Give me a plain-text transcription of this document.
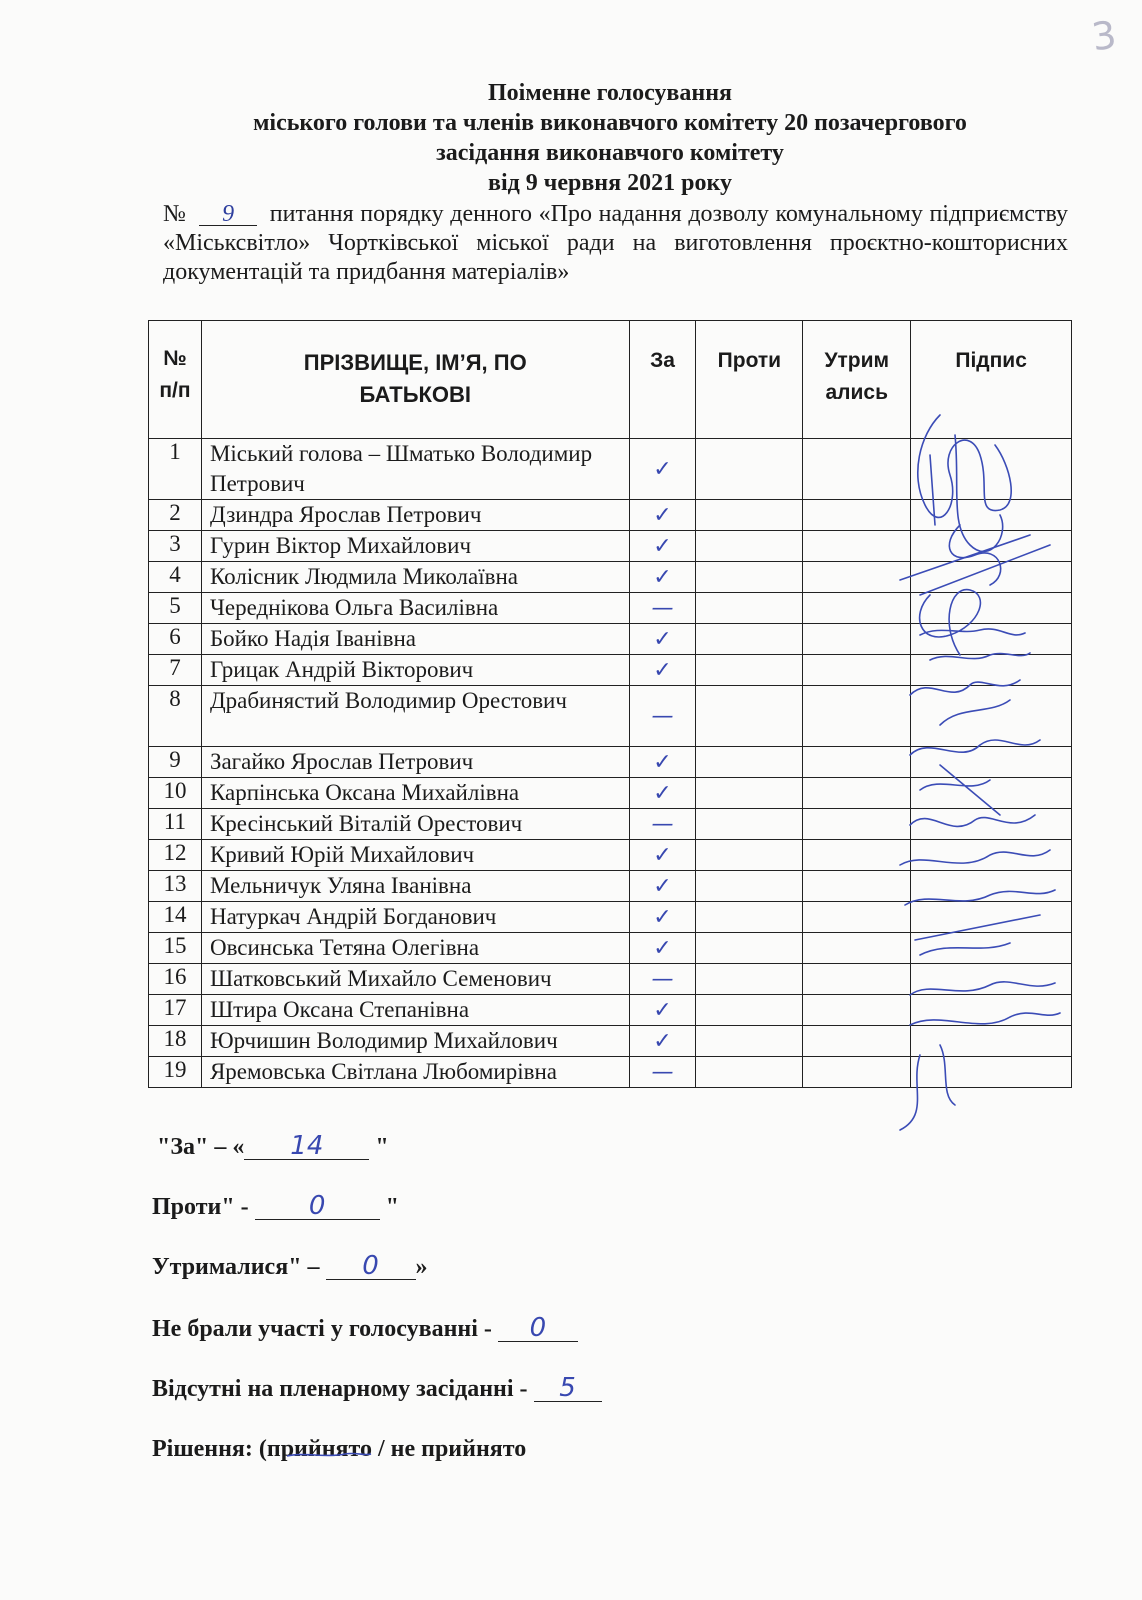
3
Поіменне голосування
міського голови та членів виконавчого комітету 20 позачергового
засідання виконавчого комітету
від 9 червня 2021 року
№ 9 питання порядку денного «Про надання дозволу комунальному підприємству «Міськсвітло» Чортківської міської ради на виготовлення проєктно-кошторисних документацій та придбання матеріалів»
№ п/п	ПРІЗВИЩЕ, ІМ’Я, ПО БАТЬКОВІ	За	Проти	Утрим ались	Підпис
1	Міський голова – Шматько Володимир Петрович	✓			
2	Дзиндра Ярослав Петрович	✓			
3	Гурин Віктор Михайлович	✓			
4	Колісник Людмила Миколаївна	✓			
5	Череднікова Ольга Василівна	—			
6	Бойко Надія Іванівна	✓			
7	Грицак Андрій Вікторович	✓			
8	Драбинястий Володимир Орестович	—			
9	Загайко Ярослав Петрович	✓			
10	Карпінська Оксана Михайлівна	✓			
11	Кресінський Віталій Орестович	—			
12	Кривий Юрій Михайлович	✓			
13	Мельничук Уляна Іванівна	✓			
14	Натуркач Андрій Богданович	✓			
15	Овсинська Тетяна Олегівна	✓			
16	Шатковський Михайло Семенович	—			
17	Штира Оксана Степанівна	✓			
18	Юрчишин Володимир Михайлович	✓			
19	Яремовська Світлана Любомирівна	—			
"За" – « 14 "
Проти" - 0 "
Утрималися" – 0 »
Не брали участі у голосуванні - 0
Відсутні на пленарному засіданні - 5
Рішення: (прийнято / не прийнято
